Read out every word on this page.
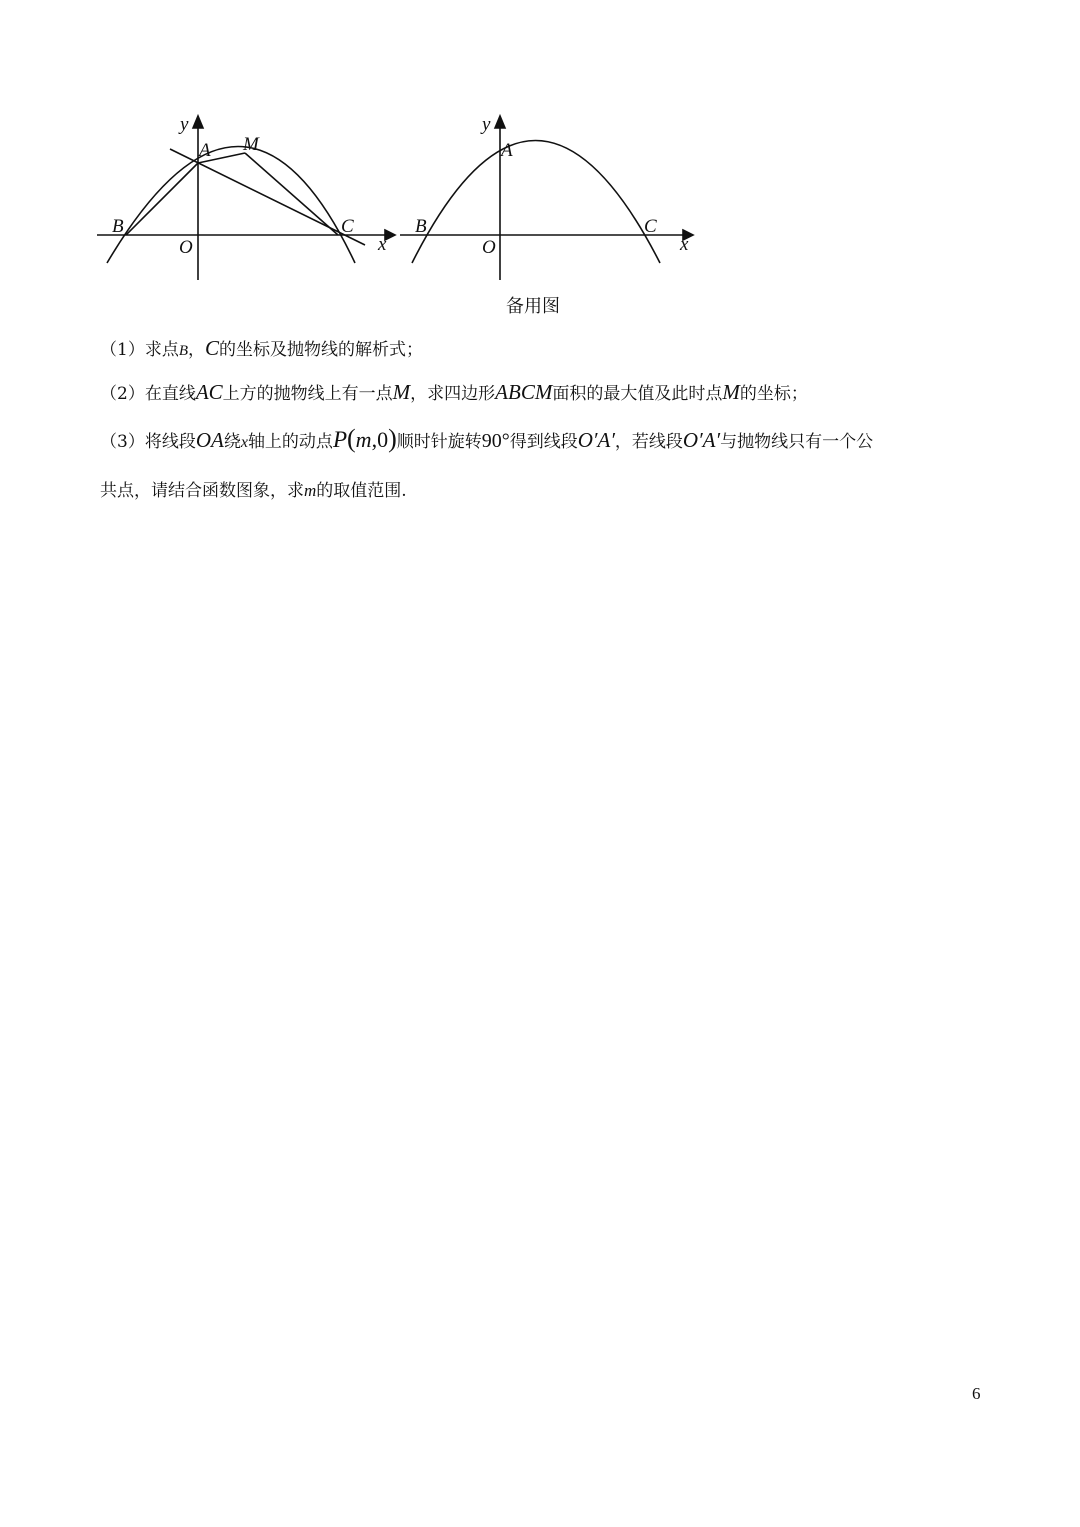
y
A M
B	C
O	x
y
A
B	C
O	x
备用图
（1）求点B，C的坐标及抛物线的解析式；
（2）在直线AC上方的抛物线上有一点M，求四边形ABCM面积的最大值及此时点M的坐标；
（3）将线段OA绕x轴上的动点P(m,0)顺时针旋转90°得到线段O′A′，若线段O′A′与抛物线只有一个公
共点，请结合函数图象，求m的取值范围.
6
